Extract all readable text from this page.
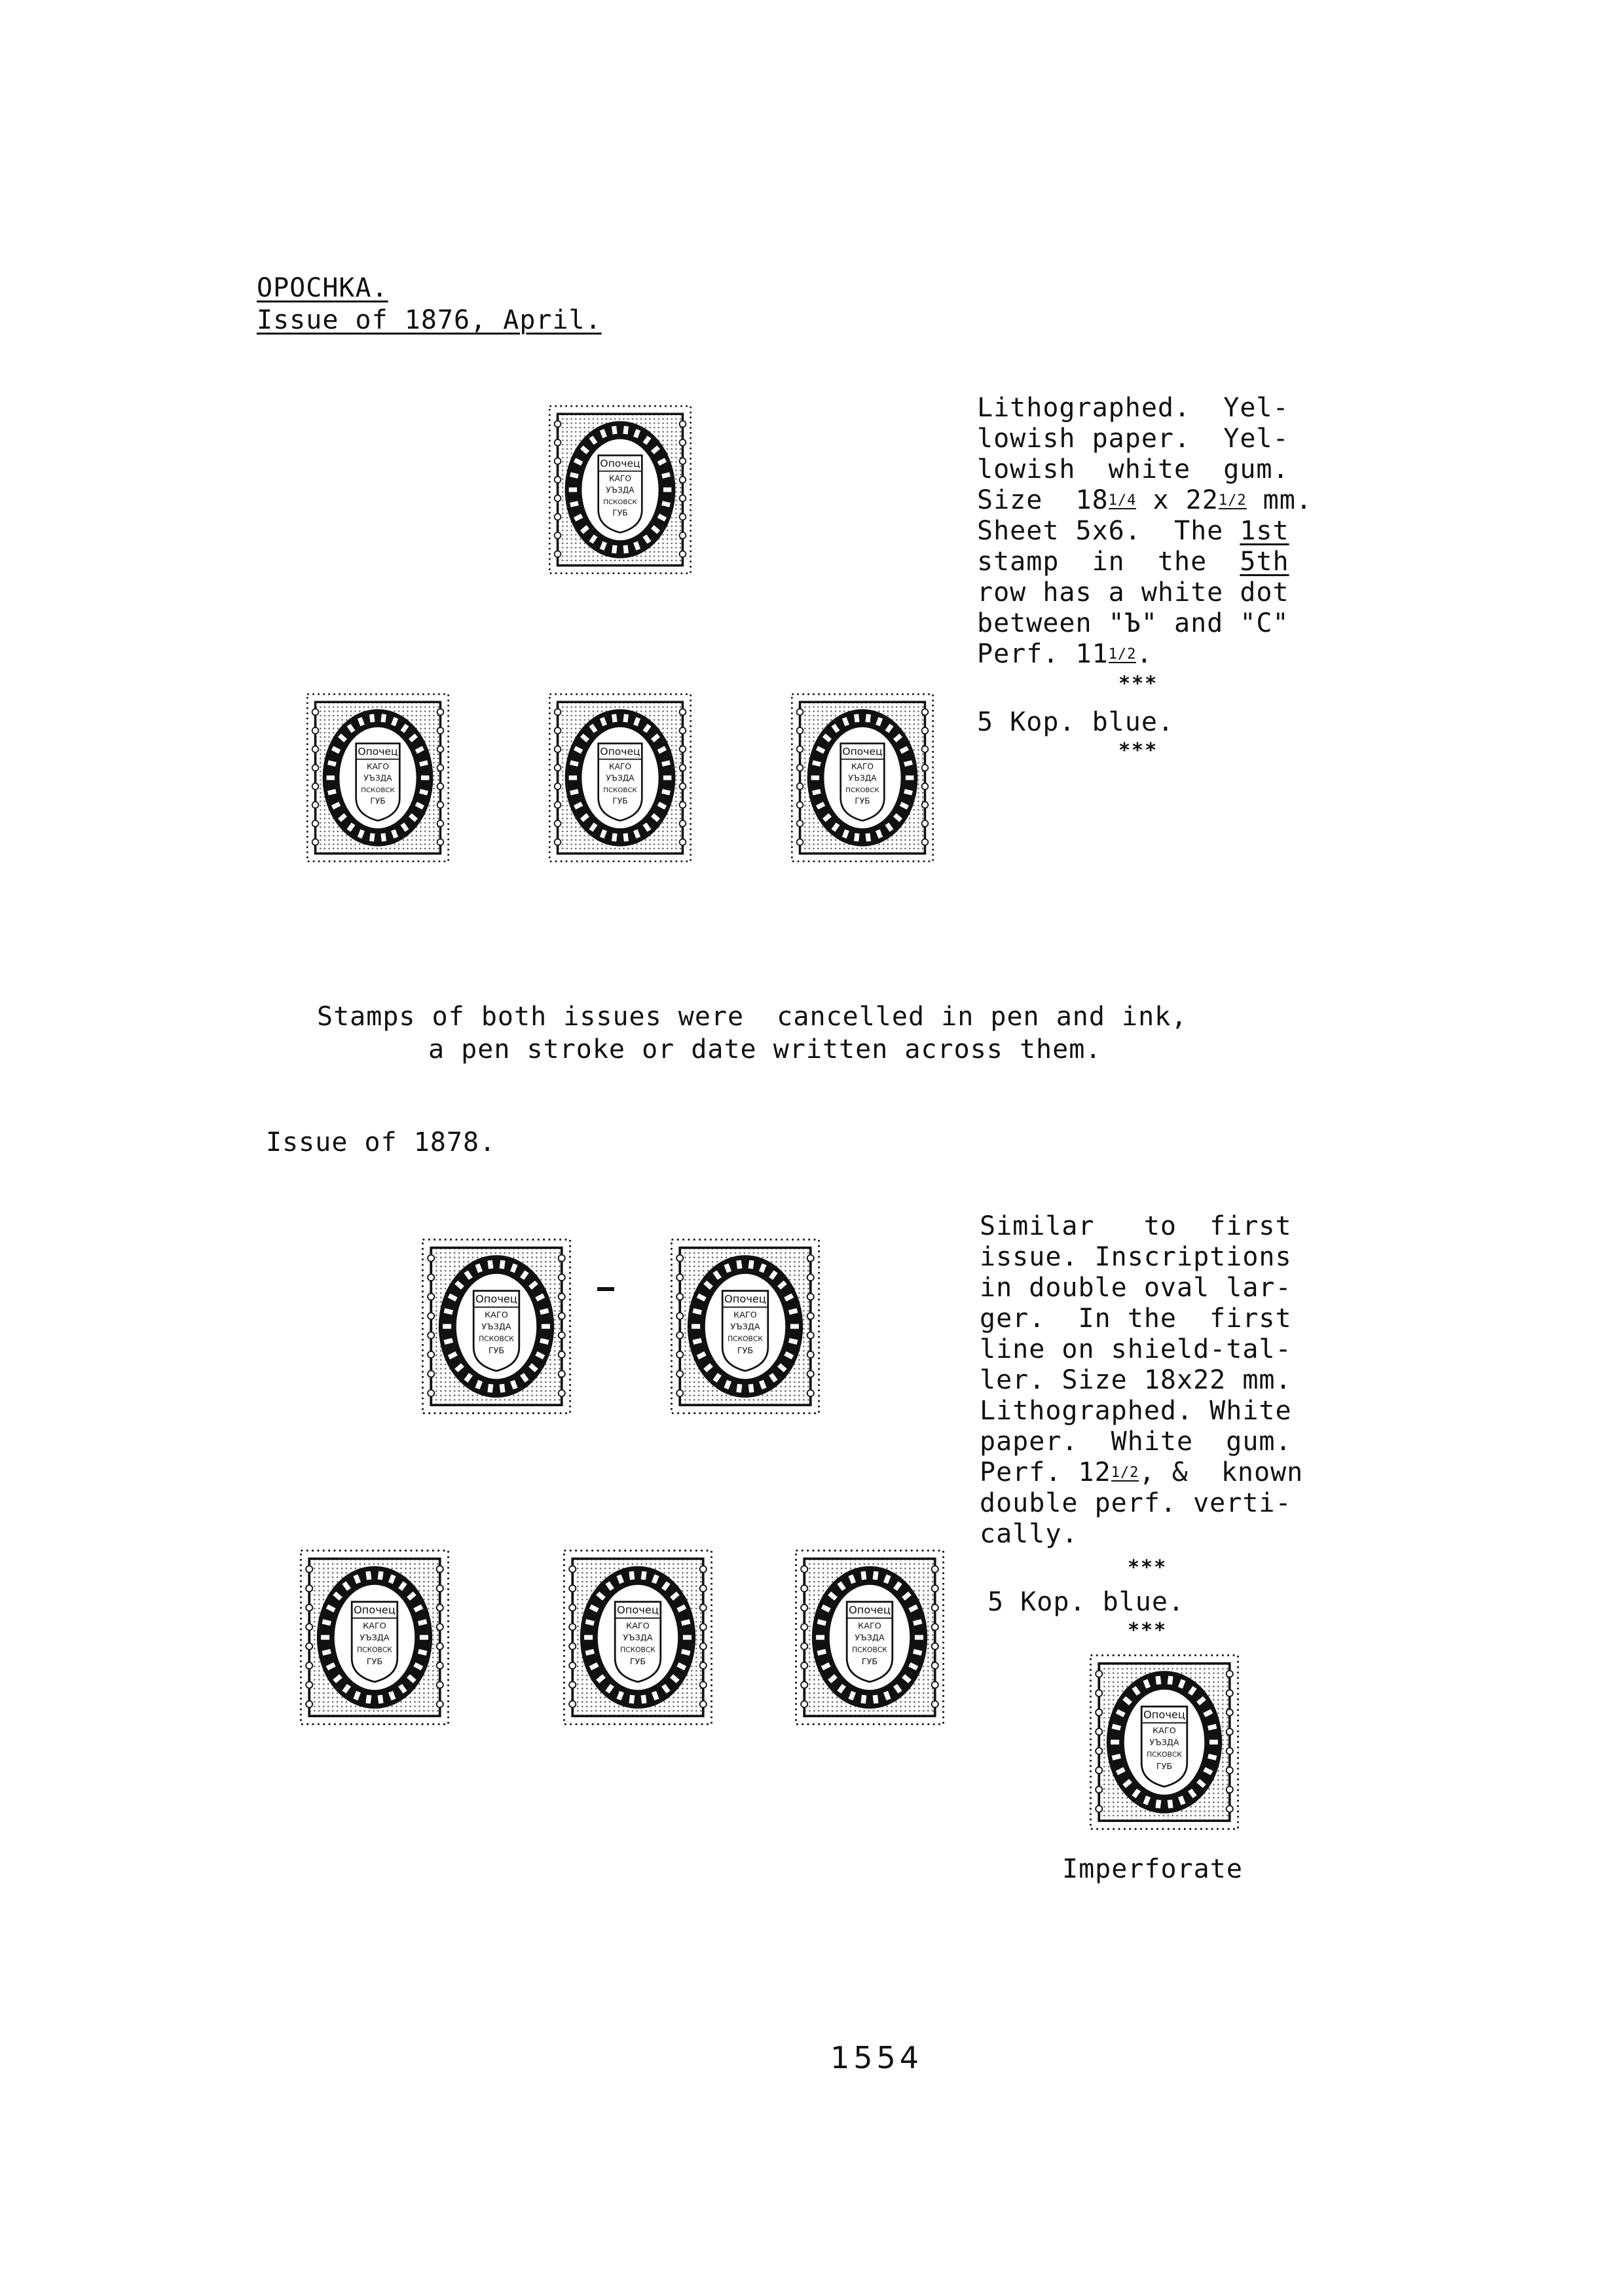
OPOCHKA.
Issue of 1876, April.
Опочец
КАГО
УЪЗДА
ПСКОВСК
ГУБ
Опочец
КАГО
УЪЗДА
ПСКОВСК
ГУБ
Опочец
КАГО
УЪЗДА
ПСКОВСК
ГУБ
Опочец
КАГО
УЪЗДА
ПСКОВСК
ГУБ
Lithographed.  Yel-
lowish paper.  Yel-
lowish  white  gum.
Size  18 1/4 x 22 1/2 mm.
Sheet 5x6.  The 1st
stamp  in  the  5th
row has a white dot
between "Ъ" and "C"
Perf. 11 1/2 .
***
5 Kop. blue.
***
Stamps of both issues were  cancelled in pen and ink,
a pen stroke or date written across them.
Issue of 1878.
Опочец
КАГО
УЪЗДА
ПСКОВСК
ГУБ
Опочец
КАГО
УЪЗДА
ПСКОВСК
ГУБ
Опочец
КАГО
УЪЗДА
ПСКОВСК
ГУБ
Опочец
КАГО
УЪЗДА
ПСКОВСК
ГУБ
Опочец
КАГО
УЪЗДА
ПСКОВСК
ГУБ
Опочец
КАГО
УЪЗДА
ПСКОВСК
ГУБ
Similar   to  first
issue. Inscriptions
in double oval lar-
ger.  In the  first
line on shield-tal-
ler. Size 18x22 mm.
Lithographed. White
paper.  White  gum.
Perf. 12 1/2 , &  known
double perf. verti-
cally.
***
5 Kop. blue.
***
Imperforate
1554
